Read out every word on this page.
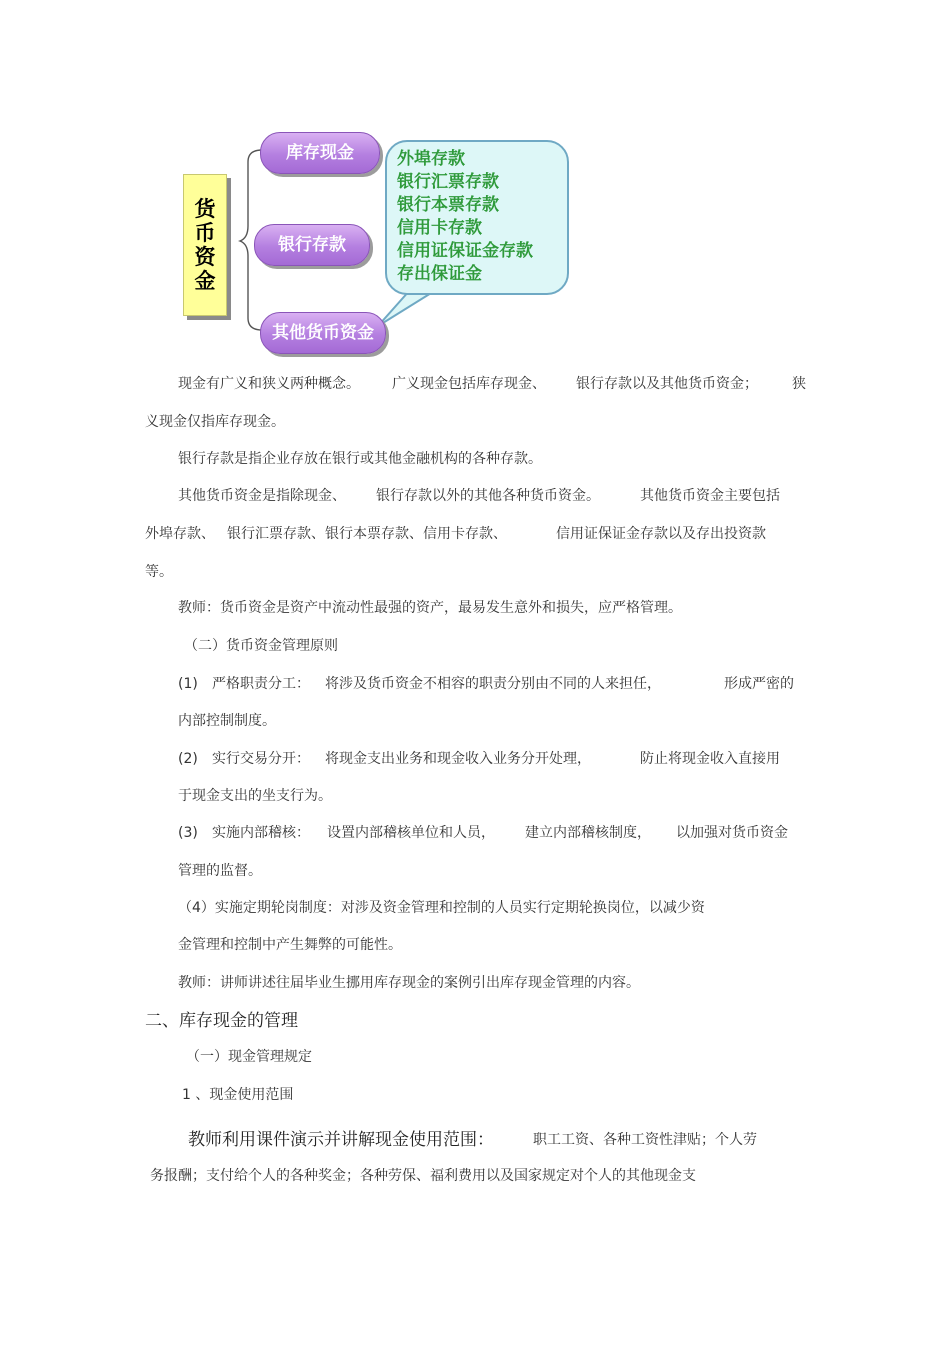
货
币
资
金
库存现金
银行存款
其他货币资金
外埠存款
银行汇票存款
银行本票存款
信用卡存款
信用证保证金存款
存出保证金
现金有广义和狭义两种概念。 广义现金包括库存现金、 银行存款以及其他货币资金； 狭
义现金仅指库存现金。
银行存款是指企业存放在银行或其他金融机构的各种存款。
其他货币资金是指除现金、 银行存款以外的其他各种货币资金。	其他货币资金主要包括
外埠存款、 银行汇票存款、银行本票存款、信用卡存款、	信用证保证金存款以及存出投资款
等。
教师：货币资金是资产中流动性最强的资产，最易发生意外和损失，应严格管理。
（二）货币资金管理原则
(1) 严格职责分工： 将涉及货币资金不相容的职责分别由不同的人来担任，	形成严密的
内部控制制度。
(2) 实行交易分开： 将现金支出业务和现金收入业务分开处理，	防止将现金收入直接用
于现金支出的坐支行为。
(3) 实施内部稽核： 设置内部稽核单位和人员， 建立内部稽核制度， 以加强对货币资金
管理的监督。
（4）实施定期轮岗制度：对涉及资金管理和控制的人员实行定期轮换岗位，以减少资
金管理和控制中产生舞弊的可能性。
教师：讲师讲述往届毕业生挪用库存现金的案例引出库存现金管理的内容。
二、库存现金的管理
（一）现金管理规定
1 、现金使用范围
教师利用课件演示并讲解现金使用范围：	职工工资、各种工资性津贴；个人劳
务报酬；支付给个人的各种奖金；各种劳保、福利费用以及国家规定对个人的其他现金支
